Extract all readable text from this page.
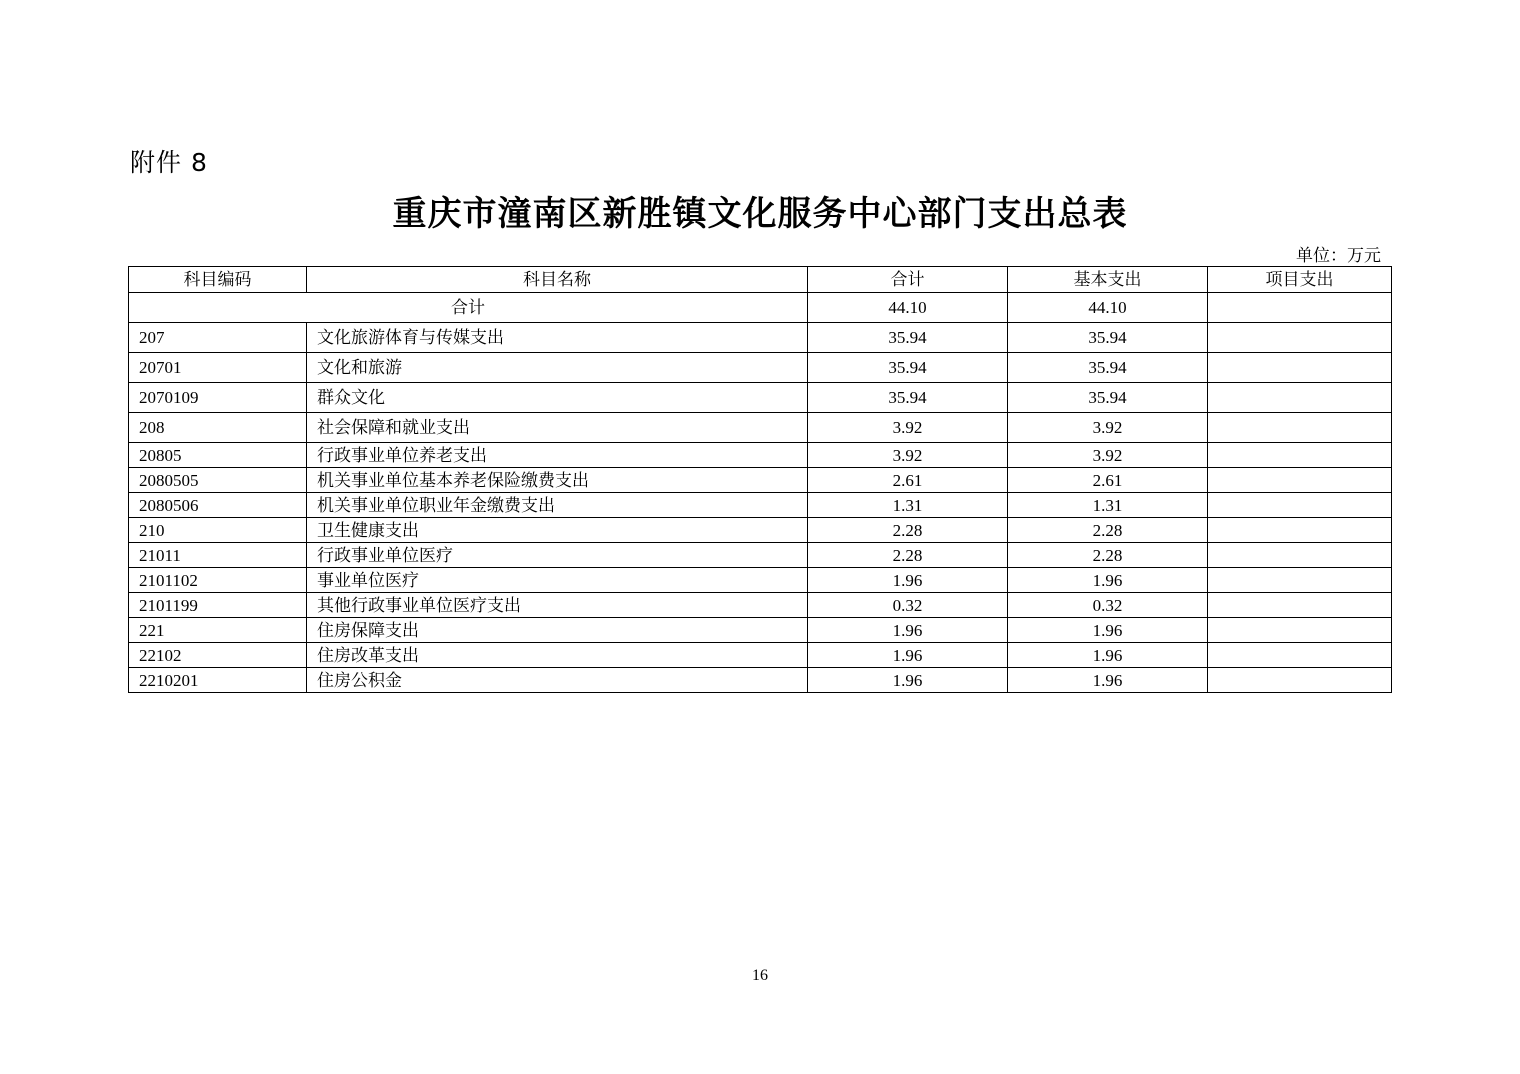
附件 8
重庆市潼南区新胜镇文化服务中心部门支出总表
单位：万元
科目编码	科目名称	合计	基本支出	项目支出
合计		44.10	44.10	
207	文化旅游体育与传媒支出	35.94	35.94	
20701	文化和旅游	35.94	35.94	
2070109	群众文化	35.94	35.94	
208	社会保障和就业支出	3.92	3.92	
20805	行政事业单位养老支出	3.92	3.92	
2080505	机关事业单位基本养老保险缴费支出	2.61	2.61	
2080506	机关事业单位职业年金缴费支出	1.31	1.31	
210	卫生健康支出	2.28	2.28	
21011	行政事业单位医疗	2.28	2.28	
2101102	事业单位医疗	1.96	1.96	
2101199	其他行政事业单位医疗支出	0.32	0.32	
221	住房保障支出	1.96	1.96	
22102	住房改革支出	1.96	1.96	
2210201	住房公积金	1.96	1.96	
16
